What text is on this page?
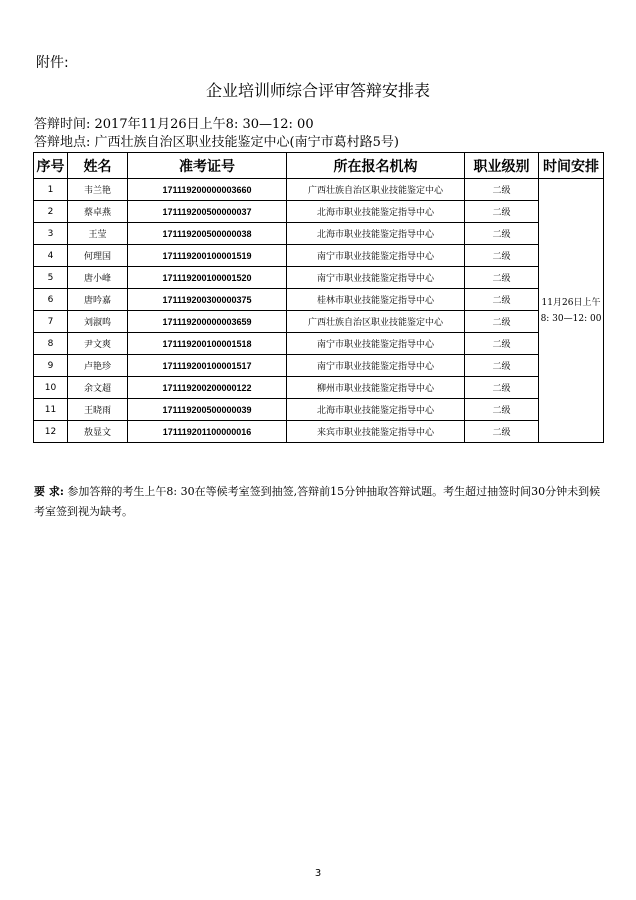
附件:
企业培训师综合评审答辩安排表
答辩时间: 2017年11月26日上午8: 30—12: 00
答辩地点: 广西壮族自治区职业技能鉴定中心(南宁市葛村路5号)
序号	姓名	准考证号	所在报名机构	职业级别	时间安排
1	韦兰艳	171119200000003660	广西壮族自治区职业技能鉴定中心	二级	11月26日上午
8: 30—12: 00

2	蔡卓燕	171119200500000037	北海市职业技能鉴定指导中心	二级	
3	王莹	171119200500000038	北海市职业技能鉴定指导中心	二级	
4	何理国	171119200100001519	南宁市职业技能鉴定指导中心	二级	
5	唐小峰	171119200100001520	南宁市职业技能鉴定指导中心	二级	
6	唐吟嘉	171119200300000375	桂林市职业技能鉴定指导中心	二级	
7	刘淑鸣	171119200000003659	广西壮族自治区职业技能鉴定中心	二级	
8	尹文爽	171119200100001518	南宁市职业技能鉴定指导中心	二级	
9	卢艳珍	171119200100001517	南宁市职业技能鉴定指导中心	二级	
10	余文超	171119200200000122	柳州市职业技能鉴定指导中心	二级	
11	王晓雨	171119200500000039	北海市职业技能鉴定指导中心	二级	
12	敖显文	171119201100000016	来宾市职业技能鉴定指导中心	二级	
要 求: 参加答辩的考生上午8: 30在等候考室签到抽签,答辩前15分钟抽取答辩试题。考生超过抽签时间30分钟未到候考室签到视为缺考。
3
